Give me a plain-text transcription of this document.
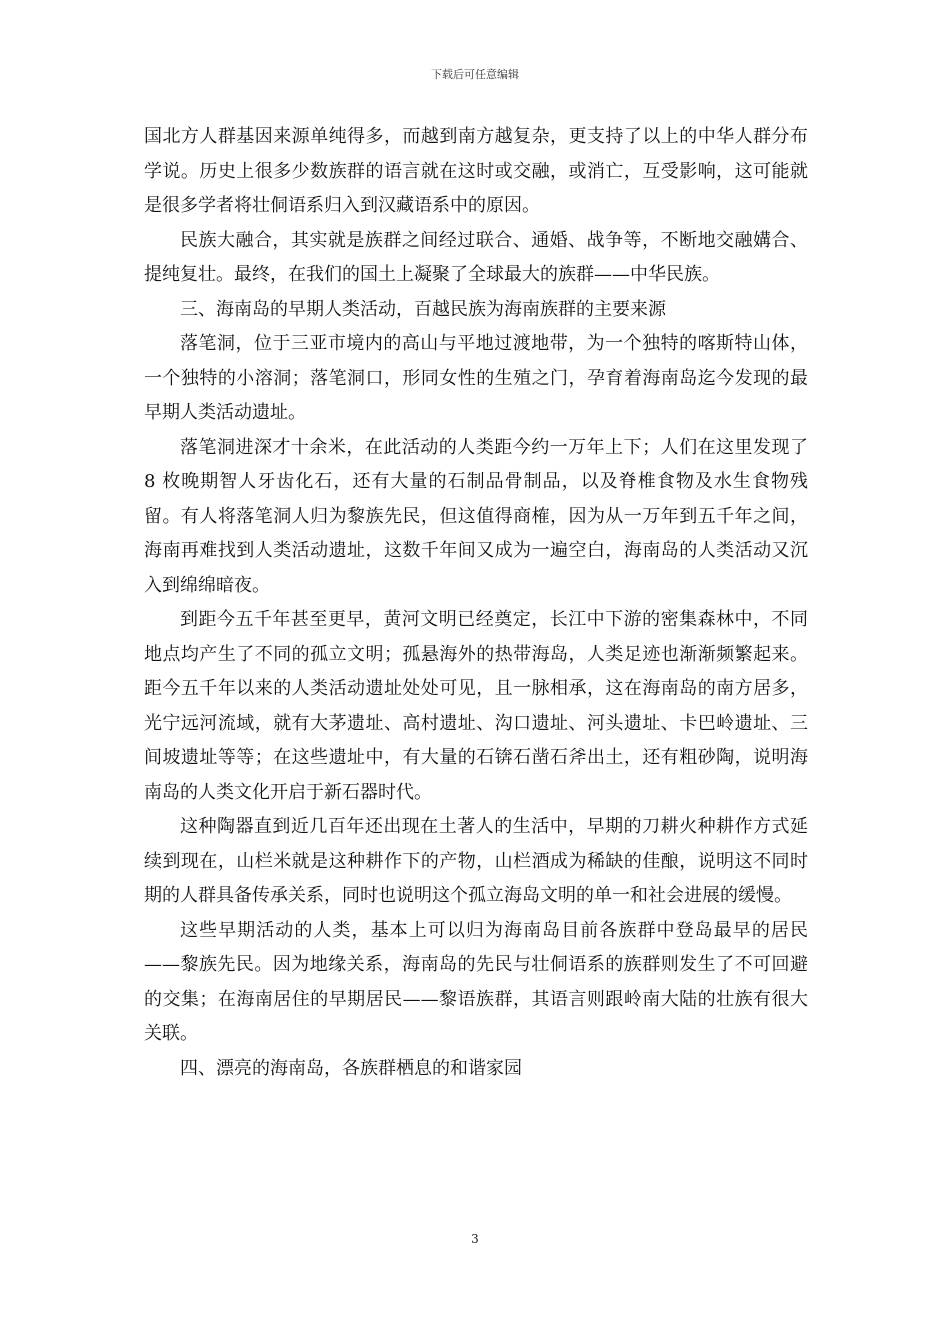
下载后可任意编辑

国北方人群基因来源单纯得多，而越到南方越复杂，更支持了以上的中华人群分布学说。历史上很多少数族群的语言就在这时或交融，或消亡，互受影响，这可能就是很多学者将壮侗语系归入到汉藏语系中的原因。

民族大融合，其实就是族群之间经过联合、通婚、战争等，不断地交融媾合、提纯复壮。最终，在我们的国土上凝聚了全球最大的族群——中华民族。

三、海南岛的早期人类活动，百越民族为海南族群的主要来源

落笔洞，位于三亚市境内的高山与平地过渡地带，为一个独特的喀斯特山体，一个独特的小溶洞；落笔洞口，形同女性的生殖之门，孕育着海南岛迄今发现的最早期人类活动遗址。

落笔洞进深才十余米，在此活动的人类距今约一万年上下；人们在这里发现了 8 枚晚期智人牙齿化石，还有大量的石制品骨制品，以及脊椎食物及水生食物残留。有人将落笔洞人归为黎族先民，但这值得商榷，因为从一万年到五千年之间，海南再难找到人类活动遗址，这数千年间又成为一遍空白，海南岛的人类活动又沉入到绵绵暗夜。

到距今五千年甚至更早，黄河文明已经奠定，长江中下游的密集森林中，不同地点均产生了不同的孤立文明；孤悬海外的热带海岛，人类足迹也渐渐频繁起来。距今五千年以来的人类活动遗址处处可见，且一脉相承，这在海南岛的南方居多，光宁远河流域，就有大茅遗址、高村遗址、沟口遗址、河头遗址、卡巴岭遗址、三间坡遗址等等；在这些遗址中，有大量的石锛石凿石斧出土，还有粗砂陶，说明海南岛的人类文化开启于新石器时代。

这种陶器直到近几百年还出现在土著人的生活中，早期的刀耕火种耕作方式延续到现在，山栏米就是这种耕作下的产物，山栏酒成为稀缺的佳酿，说明这不同时期的人群具备传承关系，同时也说明这个孤立海岛文明的单一和社会进展的缓慢。

这些早期活动的人类，基本上可以归为海南岛目前各族群中登岛最早的居民——黎族先民。因为地缘关系，海南岛的先民与壮侗语系的族群则发生了不可回避的交集；在海南居住的早期居民——黎语族群，其语言则跟岭南大陆的壮族有很大关联。

四、漂亮的海南岛，各族群栖息的和谐家园

3
